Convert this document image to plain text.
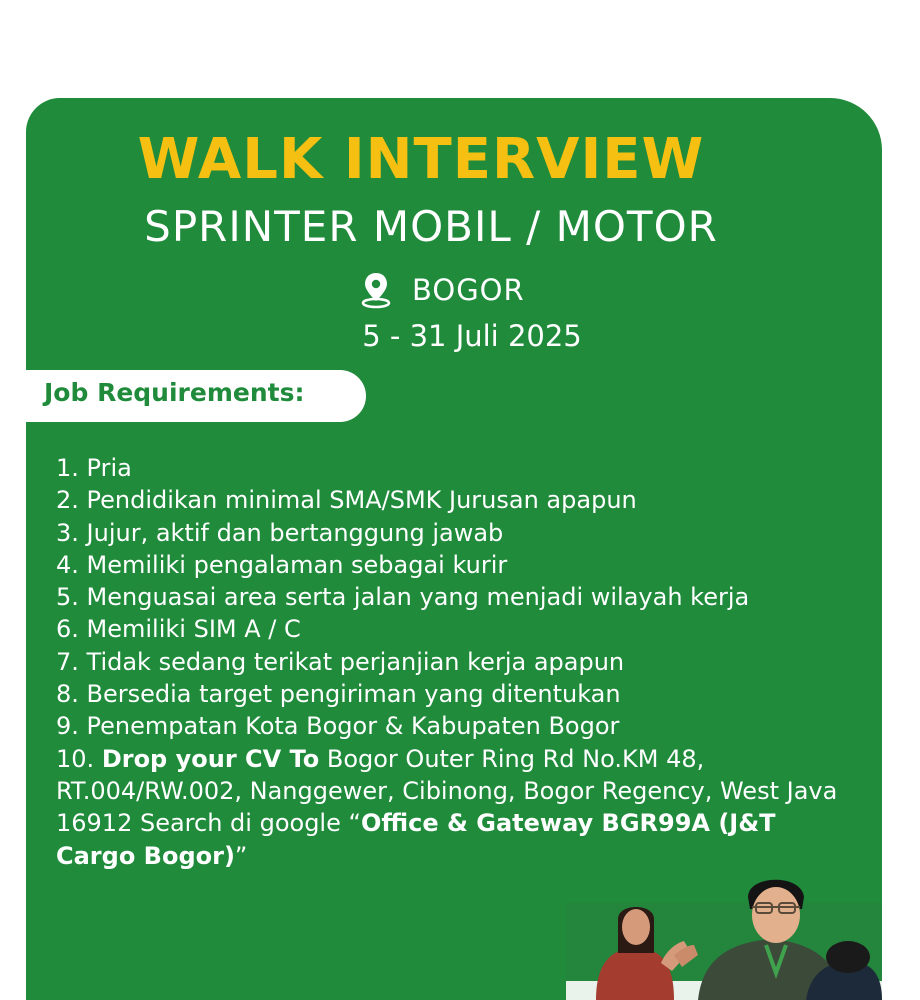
WALK INTERVIEW
SPRINTER MOBIL / MOTOR
BOGOR
5 - 31 Juli 2025
Job Requirements:
1. Pria
2. Pendidikan minimal SMA/SMK Jurusan apapun
3. Jujur, aktif dan bertanggung jawab
4. Memiliki pengalaman sebagai kurir
5. Menguasai area serta jalan yang menjadi wilayah kerja
6. Memiliki SIM A / C
7. Tidak sedang terikat perjanjian kerja apapun
8. Bersedia target pengiriman yang ditentukan
9. Penempatan Kota Bogor & Kabupaten Bogor
10. Drop your CV To Bogor Outer Ring Rd No.KM 48, RT.004/RW.002, Nanggewer, Cibinong, Bogor Regency, West Java 16912 Search di google “Office & Gateway BGR99A (J&T Cargo Bogor)”
